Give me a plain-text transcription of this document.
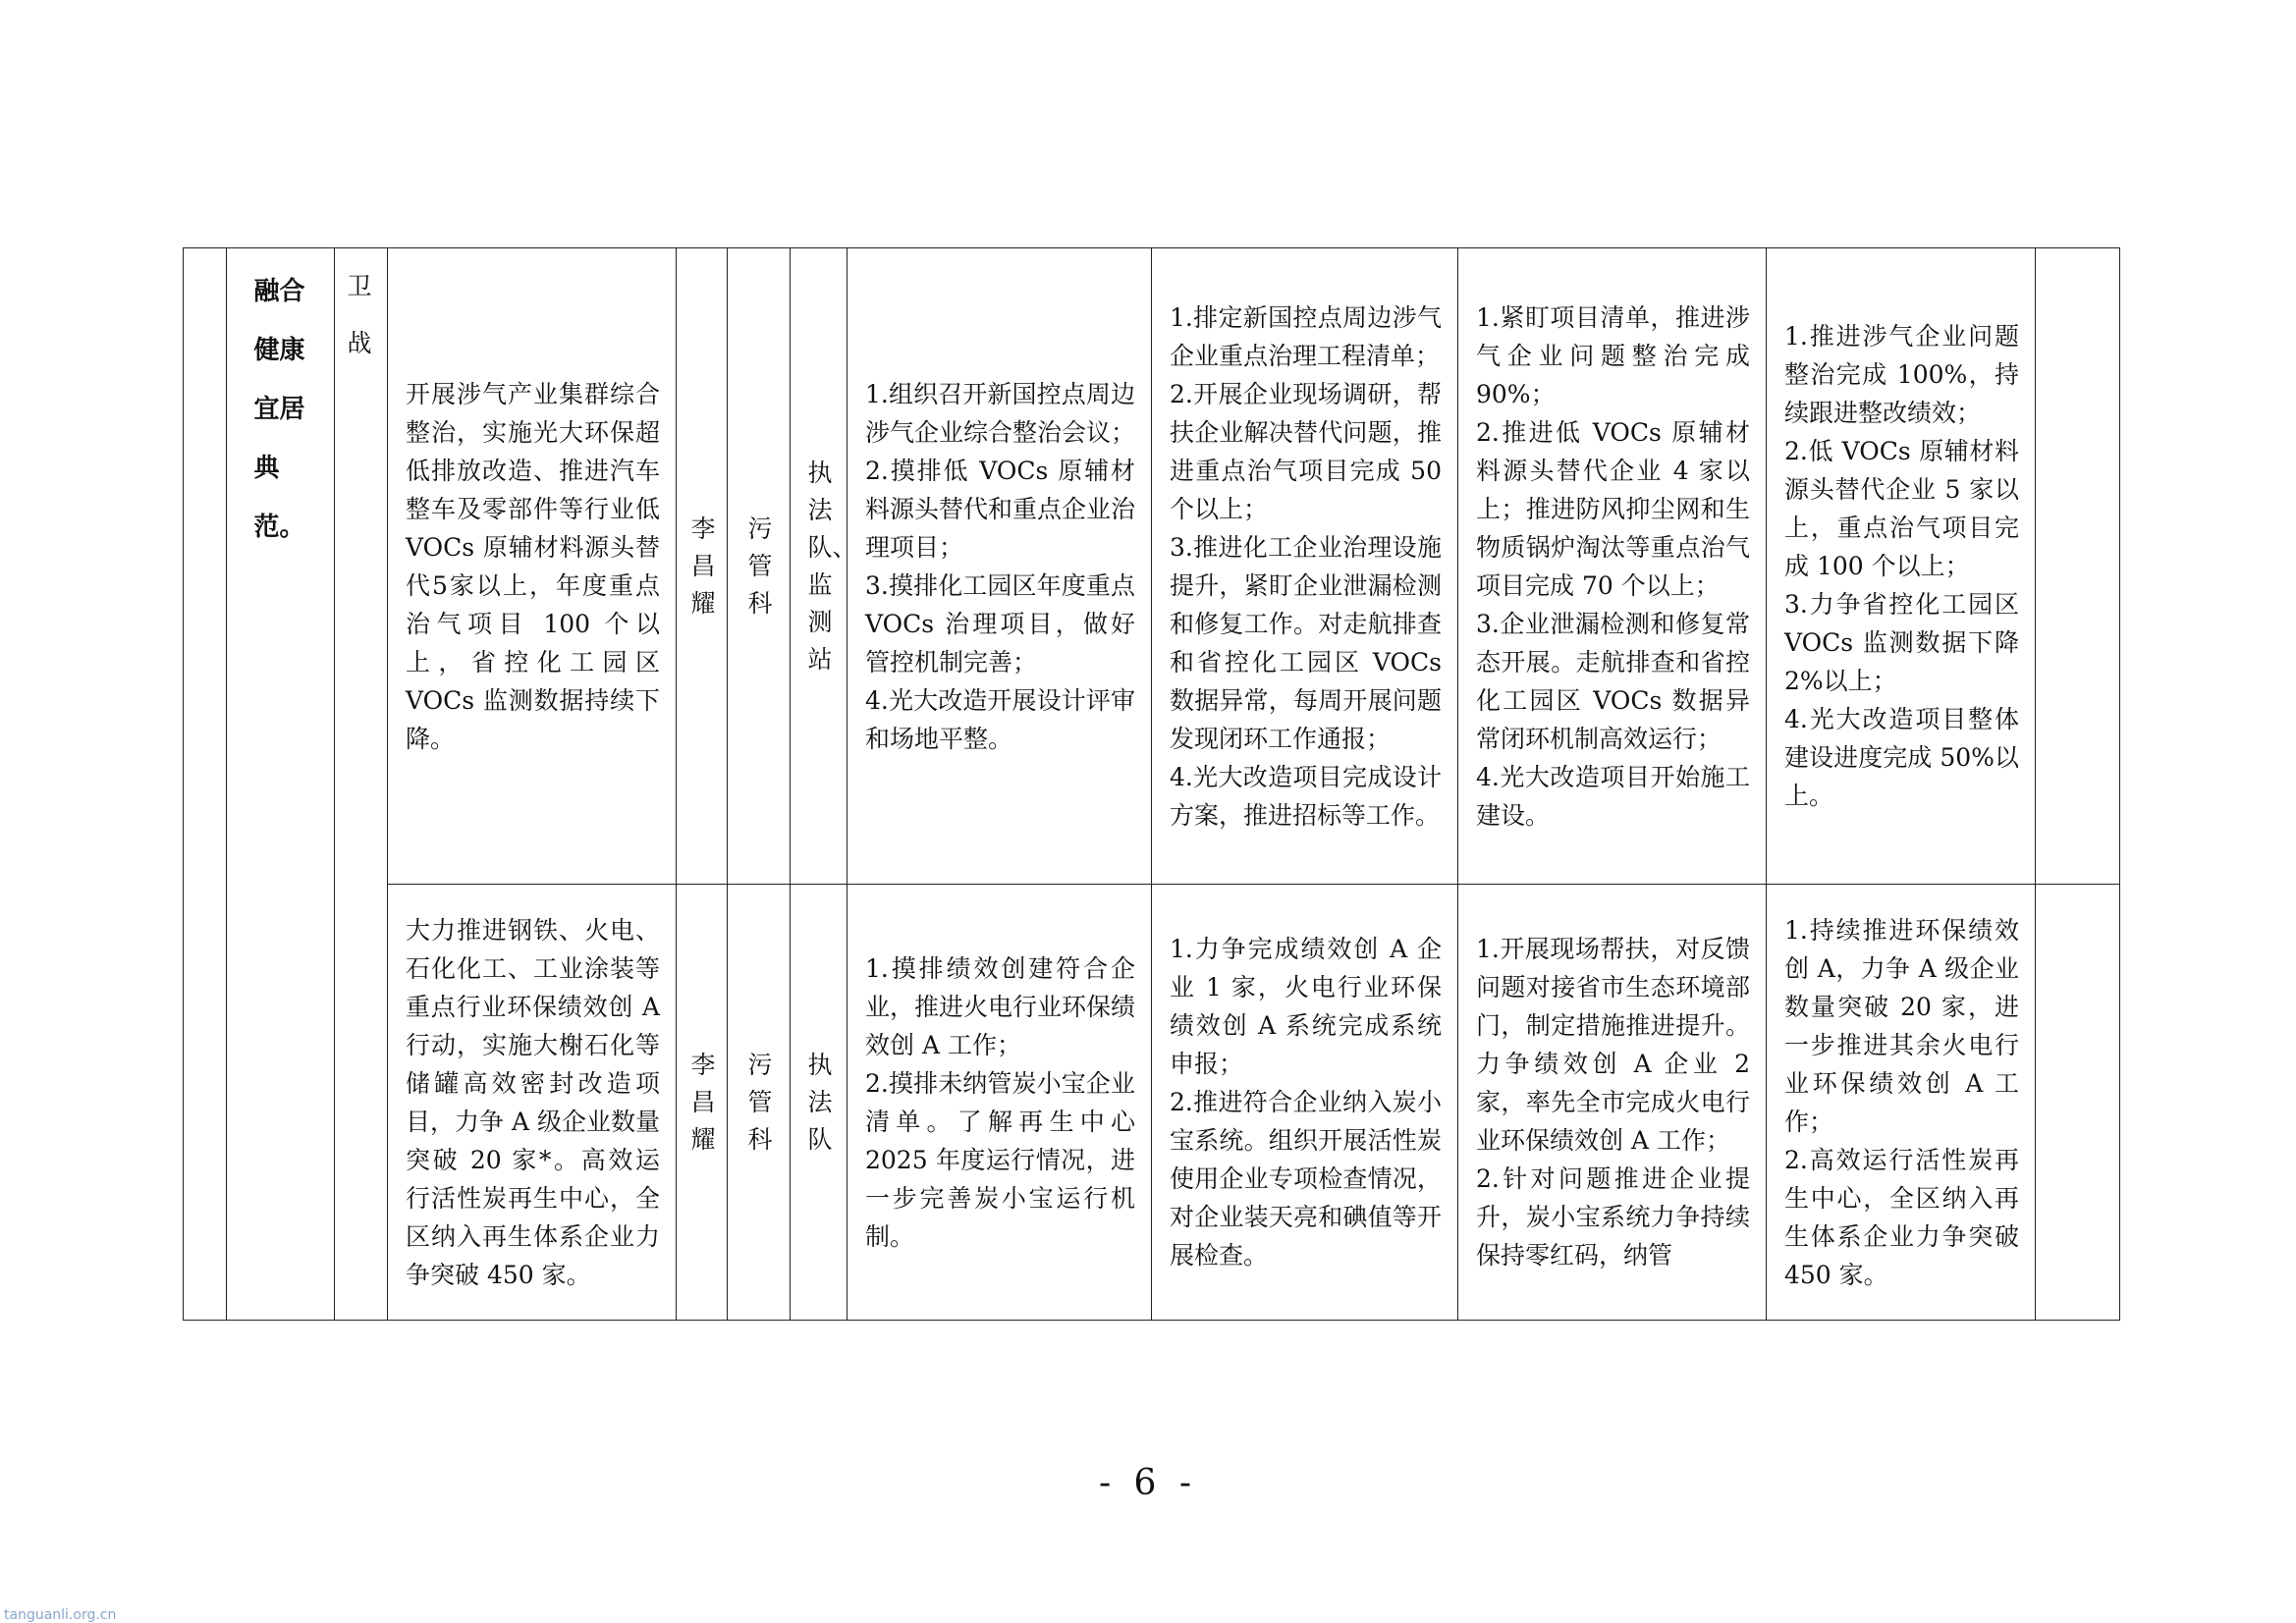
	融合健康宜居典范。	卫战	开展涉气产业集群综合整治，实施光大环保超低排放改造、推进汽车整车及零部件等行业低 VOCs 原辅材料源头替代5家以上，年度重点治气项目 100 个以上，省控化工园区 VOCs 监测数据持续下降。	李昌耀	污管科	执法队、监测站	1.组织召开新国控点周边涉气企业综合整治会议；
2.摸排低 VOCs 原辅材料源头替代和重点企业治理项目；
3.摸排化工园区年度重点 VOCs 治理项目，做好管控机制完善；
4.光大改造开展设计评审和场地平整。	1.排定新国控点周边涉气企业重点治理工程清单；
2.开展企业现场调研，帮扶企业解决替代问题，推进重点治气项目完成 50 个以上；
3.推进化工企业治理设施提升，紧盯企业泄漏检测和修复工作。对走航排查和省控化工园区 VOCs 数据异常，每周开展问题发现闭环工作通报；
4.光大改造项目完成设计方案，推进招标等工作。	1.紧盯项目清单，推进涉气企业问题整治完成 90%；
2.推进低 VOCs 原辅材料源头替代企业 4 家以上；推进防风抑尘网和生物质锅炉淘汰等重点治气项目完成 70 个以上；
3.企业泄漏检测和修复常态开展。走航排查和省控化工园区 VOCs 数据异常闭环机制高效运行；
4.光大改造项目开始施工建设。	1.推进涉气企业问题整治完成 100%，持续跟进整改绩效；
2.低 VOCs 原辅材料源头替代企业 5 家以上，重点治气项目完成 100 个以上；
3.力争省控化工园区 VOCs 监测数据下降 2%以上；
4.光大改造项目整体建设进度完成 50%以上。	

			大力推进钢铁、火电、石化化工、工业涂装等重点行业环保绩效创 A 行动，实施大榭石化等储罐高效密封改造项目，力争 A 级企业数量突破 20 家*。高效运行活性炭再生中心，全区纳入再生体系企业力争突破 450 家。	李昌耀	污管科	执法队	1.摸排绩效创建符合企业，推进火电行业环保绩效创 A 工作；
2.摸排未纳管炭小宝企业清单。了解再生中心 2025 年度运行情况，进一步完善炭小宝运行机制。	1.力争完成绩效创 A 企业 1 家，火电行业环保绩效创 A 系统完成系统申报；
2.推进符合企业纳入炭小宝系统。组织开展活性炭使用企业专项检查情况，对企业装天亮和碘值等开展检查。	1.开展现场帮扶，对反馈问题对接省市生态环境部门，制定措施推进提升。力争绩效创 A 企业 2 家，率先全市完成火电行业环保绩效创 A 工作；
2.针对问题推进企业提升，炭小宝系统力争持续保持零红码，纳管	1.持续推进环保绩效创 A，力争 A 级企业数量突破 20 家，进一步推进其余火电行业环保绩效创 A 工作；
2.高效运行活性炭再生中心，全区纳入再生体系企业力争突破 450 家。	

- 6 -
tanguanli.org.cn
